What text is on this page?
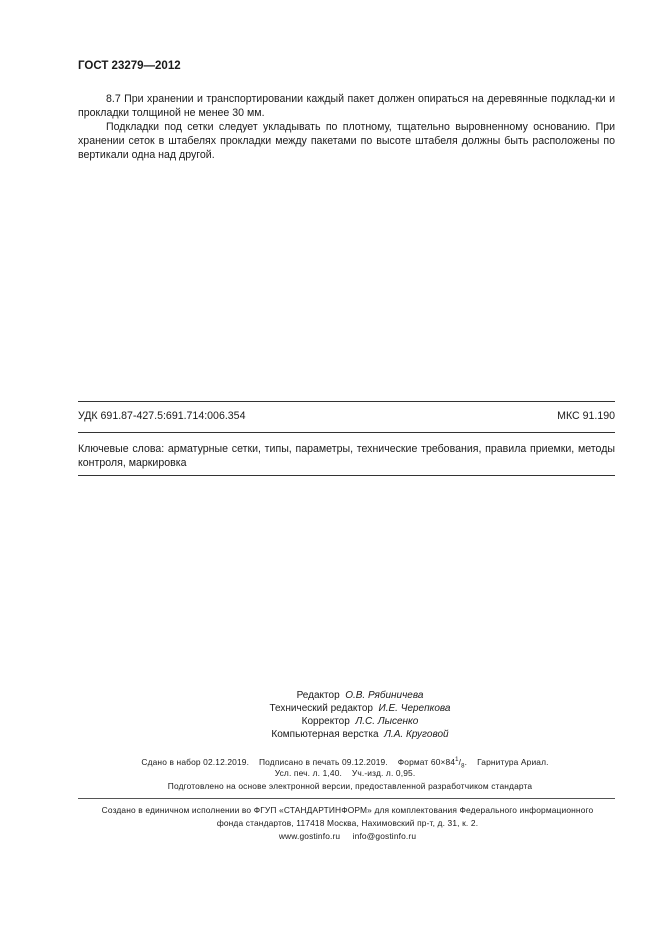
ГОСТ 23279—2012
8.7 При хранении и транспортировании каждый пакет должен опираться на деревянные подклад-ки и прокладки толщиной не менее 30 мм.
Подкладки под сетки следует укладывать по плотному, тщательно выровненному основанию. При хранении сеток в штабелях прокладки между пакетами по высоте штабеля должны быть расположены по вертикали одна над другой.
УДК 691.87-427.5:691.714:006.354	МКС 91.190
Ключевые слова: арматурные сетки, типы, параметры, технические требования, правила приемки, методы контроля, маркировка
Редактор О.В. Рябиничева
Технический редактор И.Е. Черепкова
Корректор Л.С. Лысенко
Компьютерная верстка Л.А. Круговой
Сдано в набор 02.12.2019. Подписано в печать 09.12.2019. Формат $60\times 84^1/_8$. Гарнитура Ариал.
Усл. печ. л. 1,40. Уч.-изд. л. 0,95.
Подготовлено на основе электронной версии, предоставленной разработчиком стандарта
Создано в единичном исполнении во ФГУП «СТАНДАРТИНФОРМ» для комплектования Федерального информационного
фонда стандартов, 117418 Москва, Нахимовский пр-т, д. 31, к. 2.
www.gostinfo.ru info@gostinfo.ru
